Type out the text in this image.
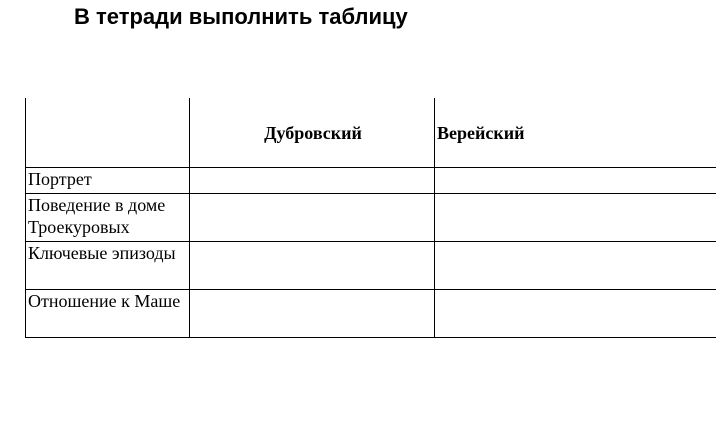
В тетради выполнить таблицу
	Дубровский	Верейский
Портрет		
Поведение в доме Троекуровых		
Ключевые эпизоды		
Отношение к Маше		
